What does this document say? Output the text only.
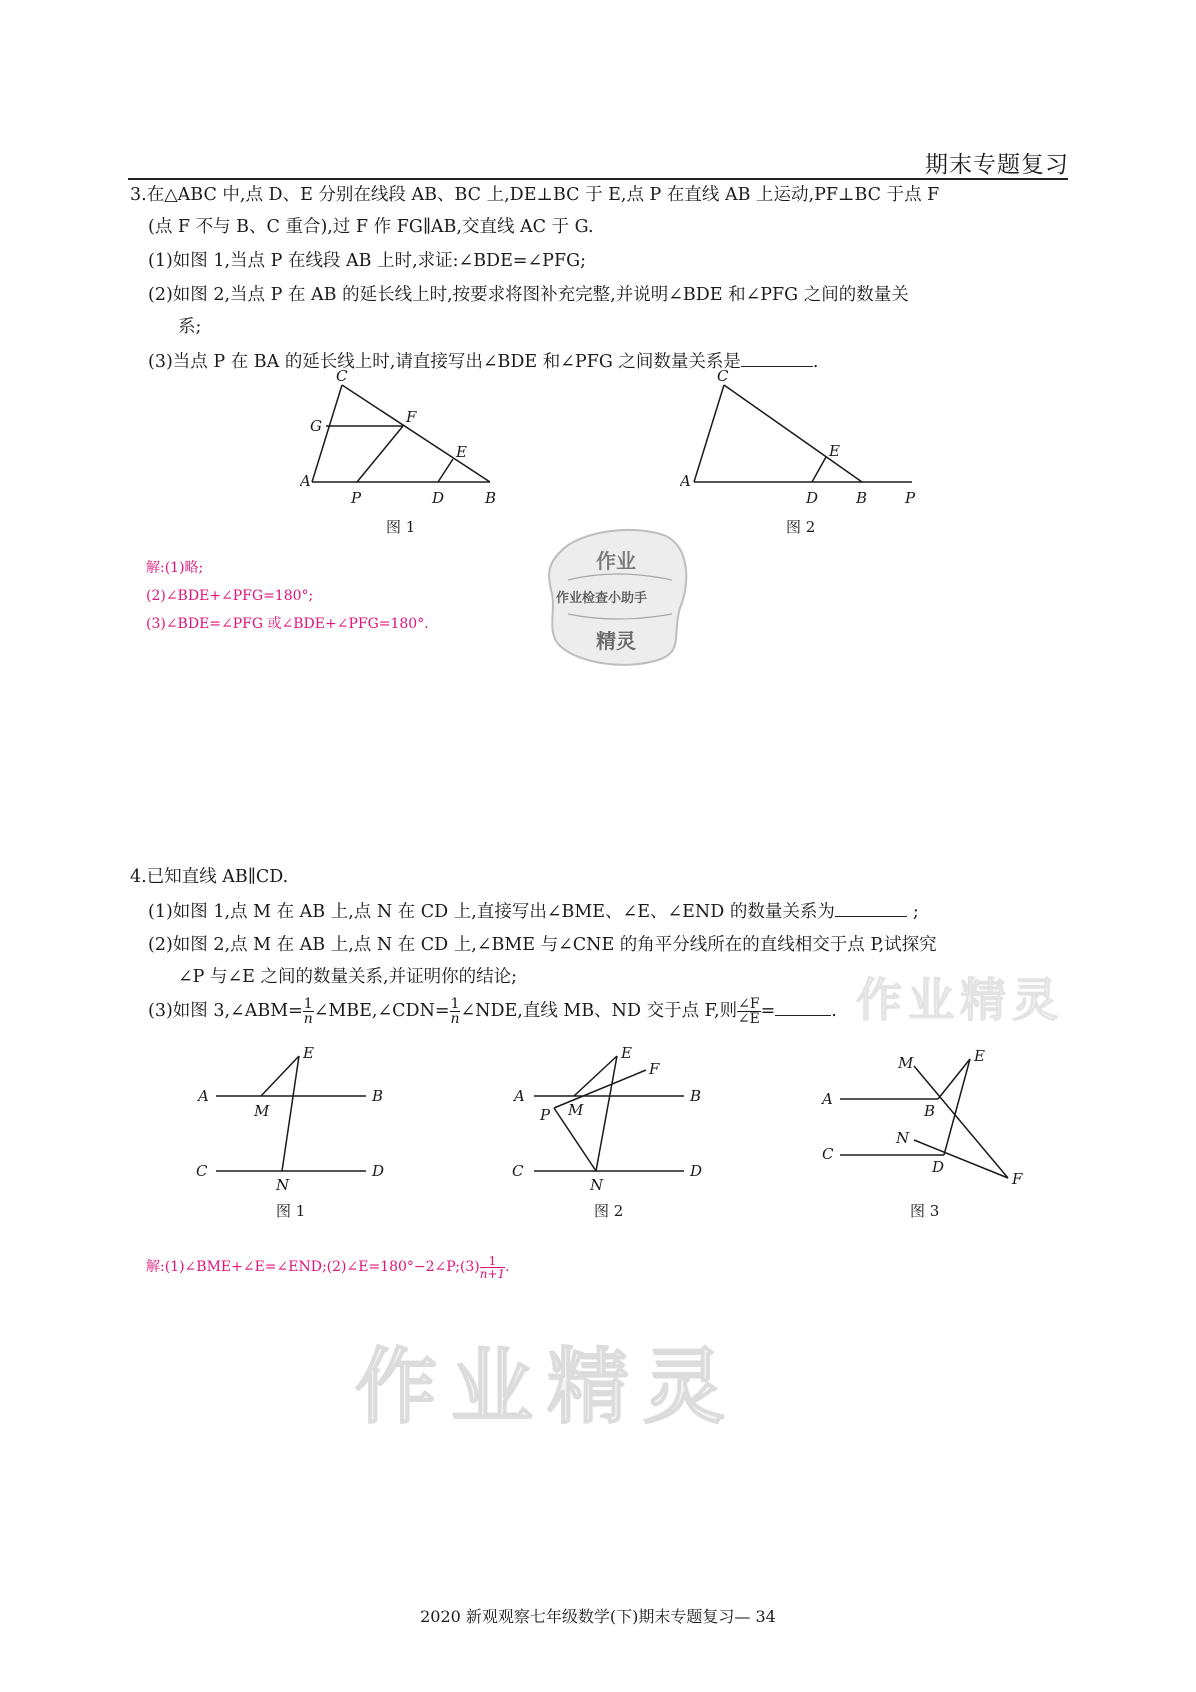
期末专题复习
作业精灵
作业精灵
3.在△ABC 中,点 D、E 分别在线段 AB、BC 上,DE⊥BC 于 E,点 P 在直线 AB 上运动,PF⊥BC 于点 F
(点 F 不与 B、C 重合),过 F 作 FG∥AB,交直线 AC 于 G.
(1)如图 1,当点 P 在线段 AB 上时,求证:∠BDE=∠PFG;
(2)如图 2,当点 P 在 AB 的延长线上时,按要求将图补充完整,并说明∠BDE 和∠PFG 之间的数量关
系;
(3)当点 P 在 BA 的延长线上时,请直接写出∠BDE 和∠PFG 之间数量关系是	.
C
G	F
E
A
P	D	B
图 1
C
E
A
D	B	P
图 2
解:(1)略;
(2)∠BDE+∠PFG=180°;
(3)∠BDE=∠PFG 或∠BDE+∠PFG=180°.
作业
作业检查小助手
精灵
4.已知直线 AB∥CD.
(1)如图 1,点 M 在 AB 上,点 N 在 CD 上,直接写出∠BME、∠E、∠END 的数量关系为	;
(2)如图 2,点 M 在 AB 上,点 N 在 CD 上,∠BME 与∠CNE 的角平分线所在的直线相交于点 P,试探究
∠P 与∠E 之间的数量关系,并证明你的结论;
(3)如图 3,∠ABM= $\frac{1}{n}$ ∠MBE,∠CDN= $\frac{1}{n}$ ∠NDE,直线 MB、ND 交于点 F,则 $\frac{\angle F}{\angle E}$ =	.
E
A
M
B
C
N
D
图 1
E
F
A
M
B
P
C
N
D
图 2
M	E
A
B
N
C
D
F
图 3
解:(1)∠BME+∠E=∠END;(2)∠E=180°−2∠P;(3) $\frac{1}{n+1}$ .
2020 新观观察七年级数学(下)期末专题复习— 34
